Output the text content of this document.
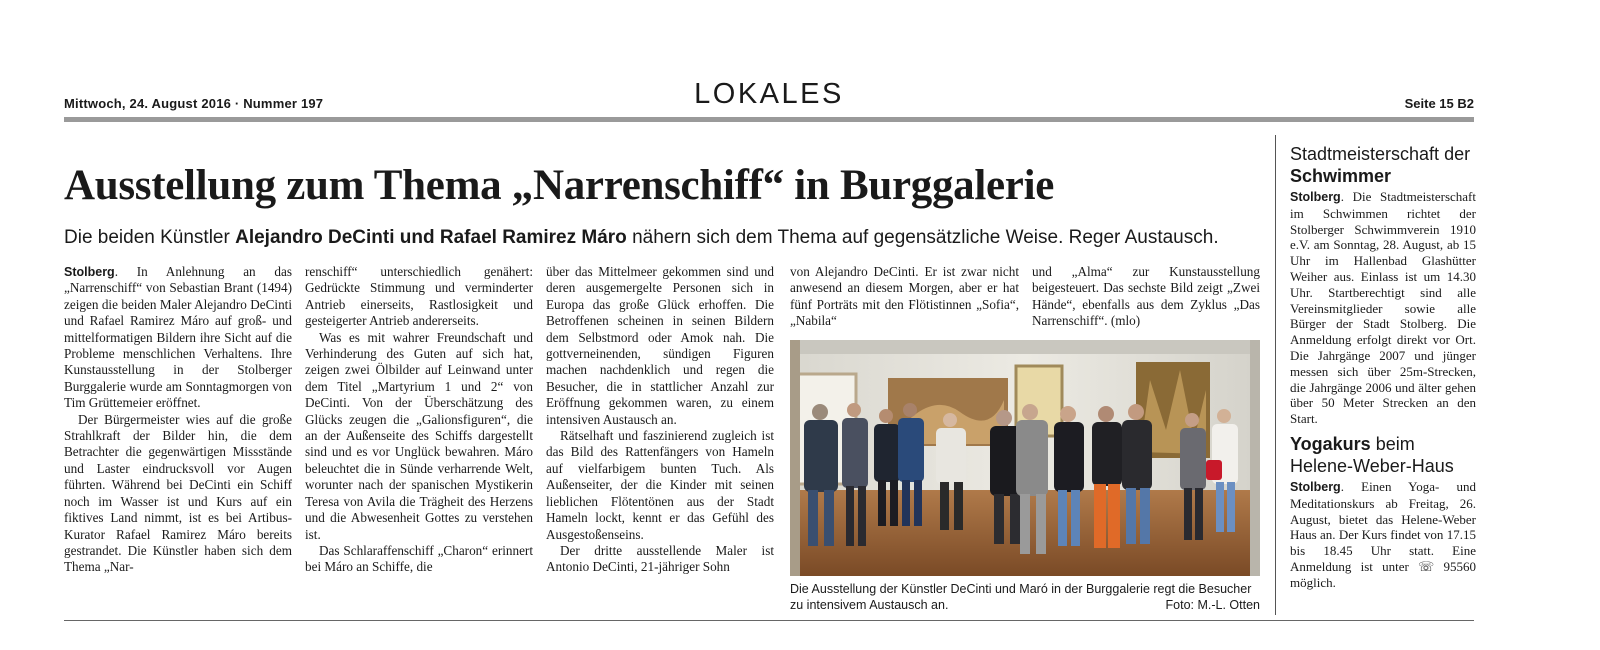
Mittwoch, 24. August 2016 · Nummer 197	LOKALES	Seite 15 B2
Ausstellung zum Thema „Narrenschiff“ in Burggalerie
Die beiden Künstler Alejandro DeCinti und Rafael Ramirez Máro nähern sich dem Thema auf gegensätzliche Weise. Reger Austausch.

Stolberg. In Anlehnung an das „Narrenschiff“ von Sebastian Brant (1494) zeigen die beiden Maler Alejandro DeCinti und Rafael Ramirez Máro auf groß- und mittelformatigen Bildern ihre Sicht auf die Probleme menschlichen Verhaltens. Ihre Kunstausstellung in der Stolberger Burggalerie wurde am Sonntagmorgen von Tim Grüttemeier eröffnet.

Der Bürgermeister wies auf die große Strahlkraft der Bilder hin, die dem Betrachter die gegenwärtigen Missstände und Laster eindrucksvoll vor Augen führten. Während bei DeCinti ein Schiff noch im Wasser ist und Kurs auf ein fiktives Land nimmt, ist es bei Artibus-Kurator Rafael Ramirez Máro bereits gestrandet. Die Künstler haben sich dem Thema „Nar-

renschiff“ unterschiedlich genähert: Gedrückte Stimmung und verminderter Antrieb einerseits, Rastlosigkeit und gesteigerter Antrieb andererseits.

Was es mit wahrer Freundschaft und Verhinderung des Guten auf sich hat, zeigen zwei Ölbilder auf Leinwand unter dem Titel „Martyrium 1 und 2“ von DeCinti. Von der Überschätzung des Glücks zeugen die „Galionsfiguren“, die an der Außenseite des Schiffs dargestellt sind und es vor Unglück bewahren. Máro beleuchtet die in Sünde verharrende Welt, worunter nach der spanischen Mystikerin Teresa von Avila die Trägheit des Herzens und die Abwesenheit Gottes zu verstehen ist.

Das Schlaraffenschiff „Charon“ erinnert bei Máro an Schiffe, die

über das Mittelmeer gekommen sind und deren ausgemergelte Personen sich in Europa das große Glück erhoffen. Die Betroffenen scheinen in seinen Bildern dem Selbstmord oder Amok nah. Die gottverneinenden, sündigen Figuren machen nachdenklich und regen die Besucher, die in stattlicher Anzahl zur Eröffnung gekommen waren, zu einem intensiven Austausch an.

Rätselhaft und faszinierend zugleich ist das Bild des Rattenfängers von Hameln auf vielfarbigem bunten Tuch. Als Außenseiter, der die Kinder mit seinen lieblichen Flötentönen aus der Stadt Hameln lockt, kennt er das Gefühl des Ausgestoßenseins.

Der dritte ausstellende Maler ist Antonio DeCinti, 21-jähriger Sohn

von Alejandro DeCinti. Er ist zwar nicht anwesend an diesem Morgen, aber er hat fünf Porträts mit den Flötistinnen „Sofia“, „Nabila“

und „Alma“ zur Kunstausstellung beigesteuert. Das sechste Bild zeigt „Zwei Hände“, ebenfalls aus dem Zyklus „Das Narrenschiff“. (mlo)

Die Ausstellung der Künstler DeCinti und Maró in der Burggalerie regt die Besucher zu intensivem Austausch an.	Foto: M.-L. Otten
Stadtmeisterschaft der Schwimmer
Stolberg. Die Stadtmeisterschaft im Schwimmen richtet der Stolberger Schwimmverein 1910 e.V. am Sonntag, 28. August, ab 15 Uhr im Hallenbad Glashütter Weiher aus. Einlass ist um 14.30 Uhr. Startberechtigt sind alle Vereinsmitglieder sowie alle Bürger der Stadt Stolberg. Die Anmeldung erfolgt direkt vor Ort. Die Jahrgänge 2007 und jünger messen sich über 25m-Strecken, die Jahrgänge 2006 und älter gehen über 50 Meter Strecken an den Start.
Yogakurs beim Helene-Weber-Haus
Stolberg. Einen Yoga- und Meditationskurs ab Freitag, 26. August, bietet das Helene-Weber Haus an. Der Kurs findet von 17.15 bis 18.45 Uhr statt. Eine Anmeldung ist unter ☏ 95560 möglich.
